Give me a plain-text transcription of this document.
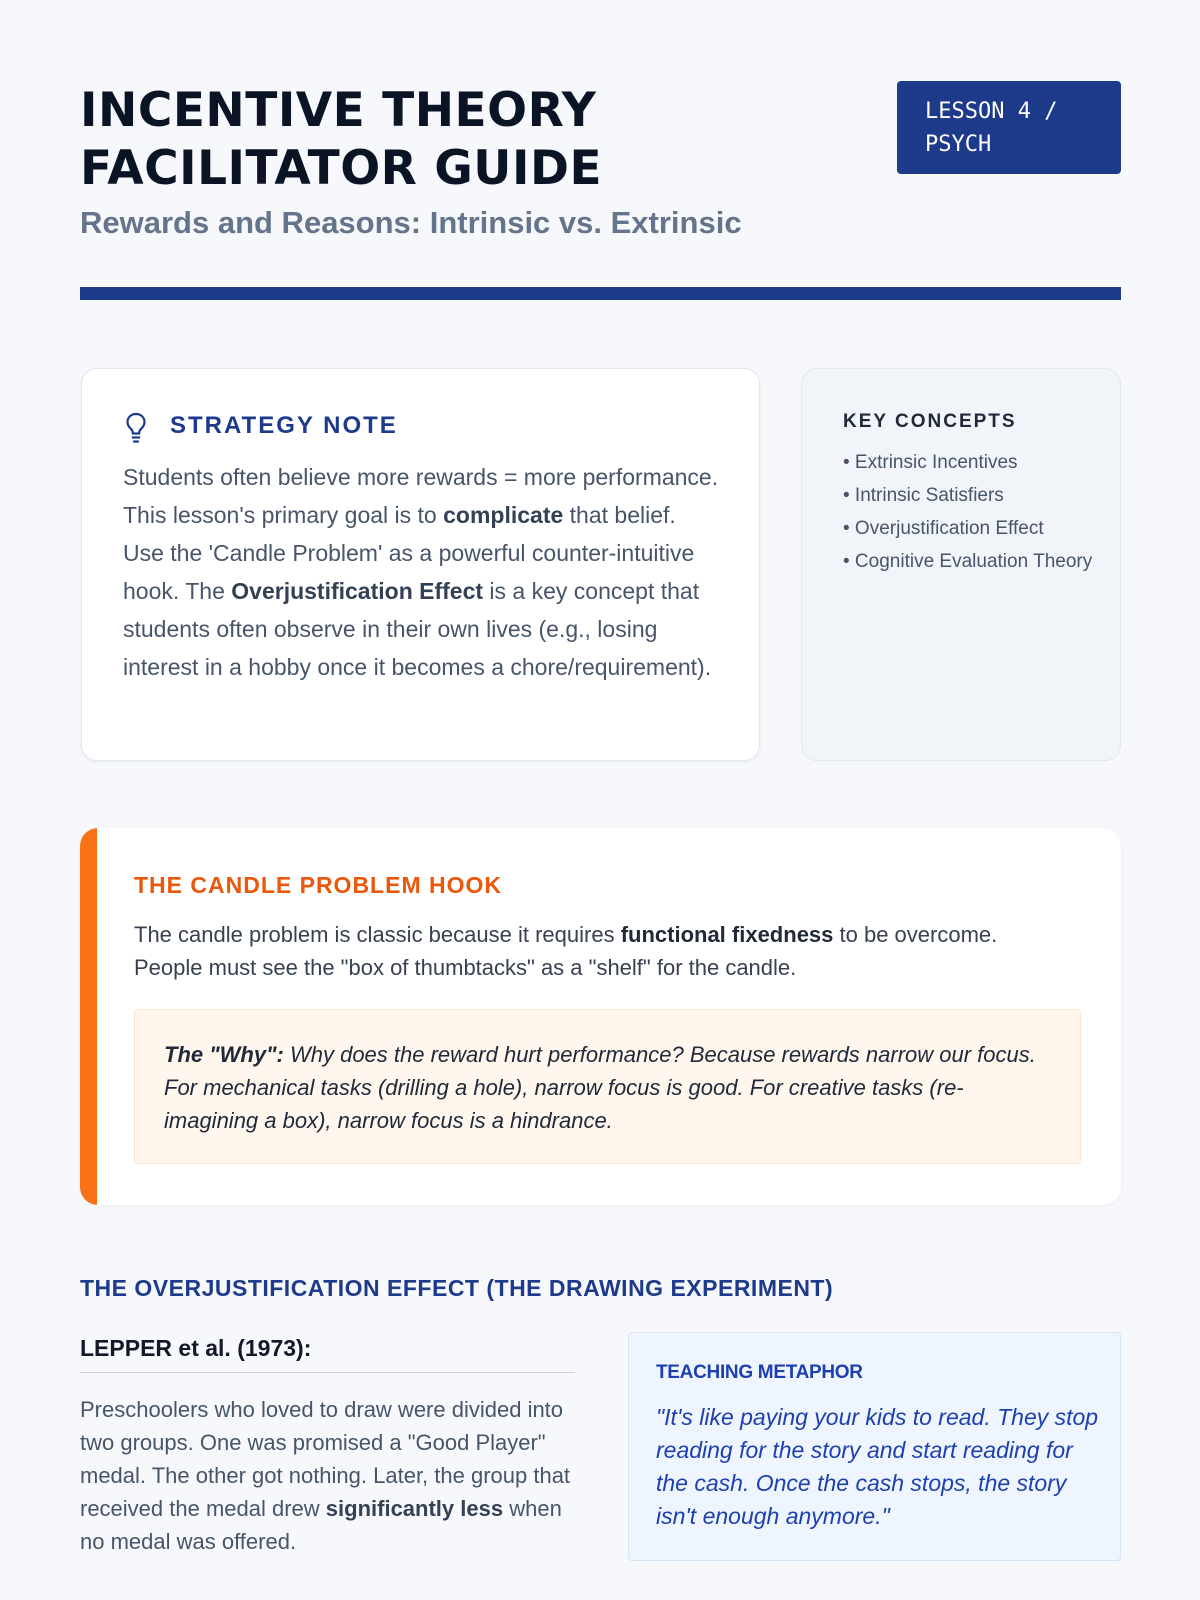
INCENTIVE THEORY
FACILITATOR GUIDE
Rewards and Reasons: Intrinsic vs. Extrinsic
LESSON 4 /
PSYCH
STRATEGY NOTE

Students often believe more rewards = more performance. This lesson's primary goal is to complicate that belief. Use the 'Candle Problem' as a powerful counter-intuitive hook. The Overjustification Effect is a key concept that students often observe in their own lives (e.g., losing interest in a hobby once it becomes a chore/requirement).

KEY CONCEPTS
• Extrinsic Incentives
• Intrinsic Satisfiers
• Overjustification Effect
• Cognitive Evaluation Theory
THE CANDLE PROBLEM HOOK

The candle problem is classic because it requires functional fixedness to be overcome. People must see the "box of thumbtacks" as a "shelf" for the candle.

The "Why": Why does the reward hurt performance? Because rewards narrow our focus. For mechanical tasks (drilling a hole), narrow focus is good. For creative tasks (re-imagining a box), narrow focus is a hindrance.
THE OVERJUSTIFICATION EFFECT (THE DRAWING EXPERIMENT)
LEPPER et al. (1973):

Preschoolers who loved to draw were divided into two groups. One was promised a "Good Player" medal. The other got nothing. Later, the group that received the medal drew significantly less when no medal was offered.

TEACHING METAPHOR

"It's like paying your kids to read. They stop reading for the story and start reading for the cash. Once the cash stops, the story isn't enough anymore."
